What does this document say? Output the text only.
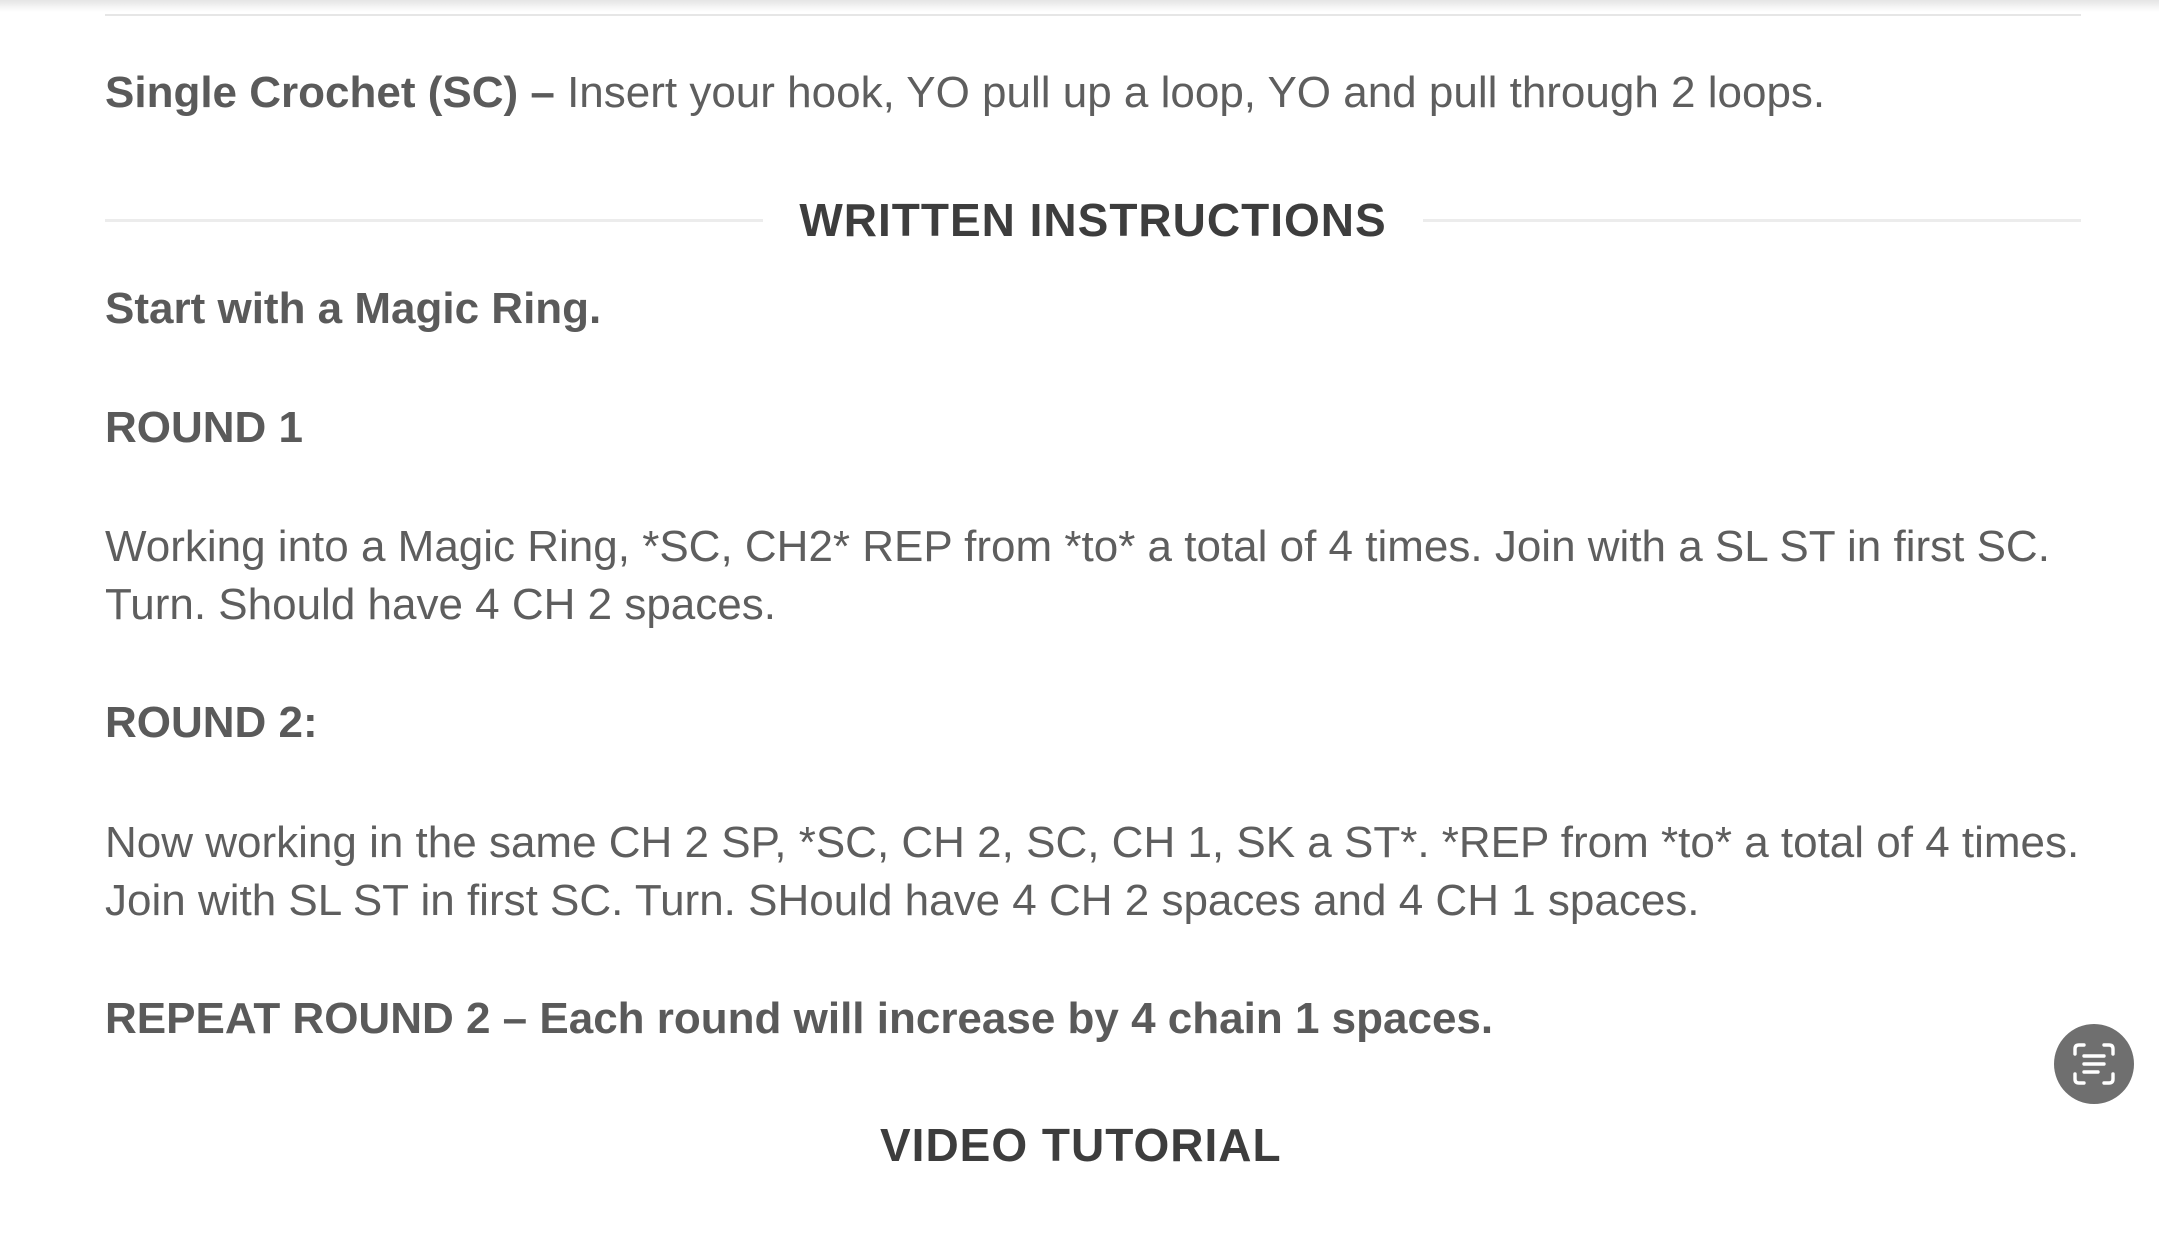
Single Crochet (SC) – Insert your hook, YO pull up a loop, YO and pull through 2 loops.

WRITTEN INSTRUCTIONS

Start with a Magic Ring.

ROUND 1

Working into a Magic Ring, *SC, CH2* REP from *to* a total of 4 times. Join with a SL ST in first SC.
Turn. Should have 4 CH 2 spaces.

ROUND 2:

Now working in the same CH 2 SP, *SC, CH 2, SC, CH 1, SK a ST*. *REP from *to* a total of 4 times.
Join with SL ST in first SC. Turn. SHould have 4 CH 2 spaces and 4 CH 1 spaces.

REPEAT ROUND 2 – Each round will increase by 4 chain 1 spaces.

VIDEO TUTORIAL
